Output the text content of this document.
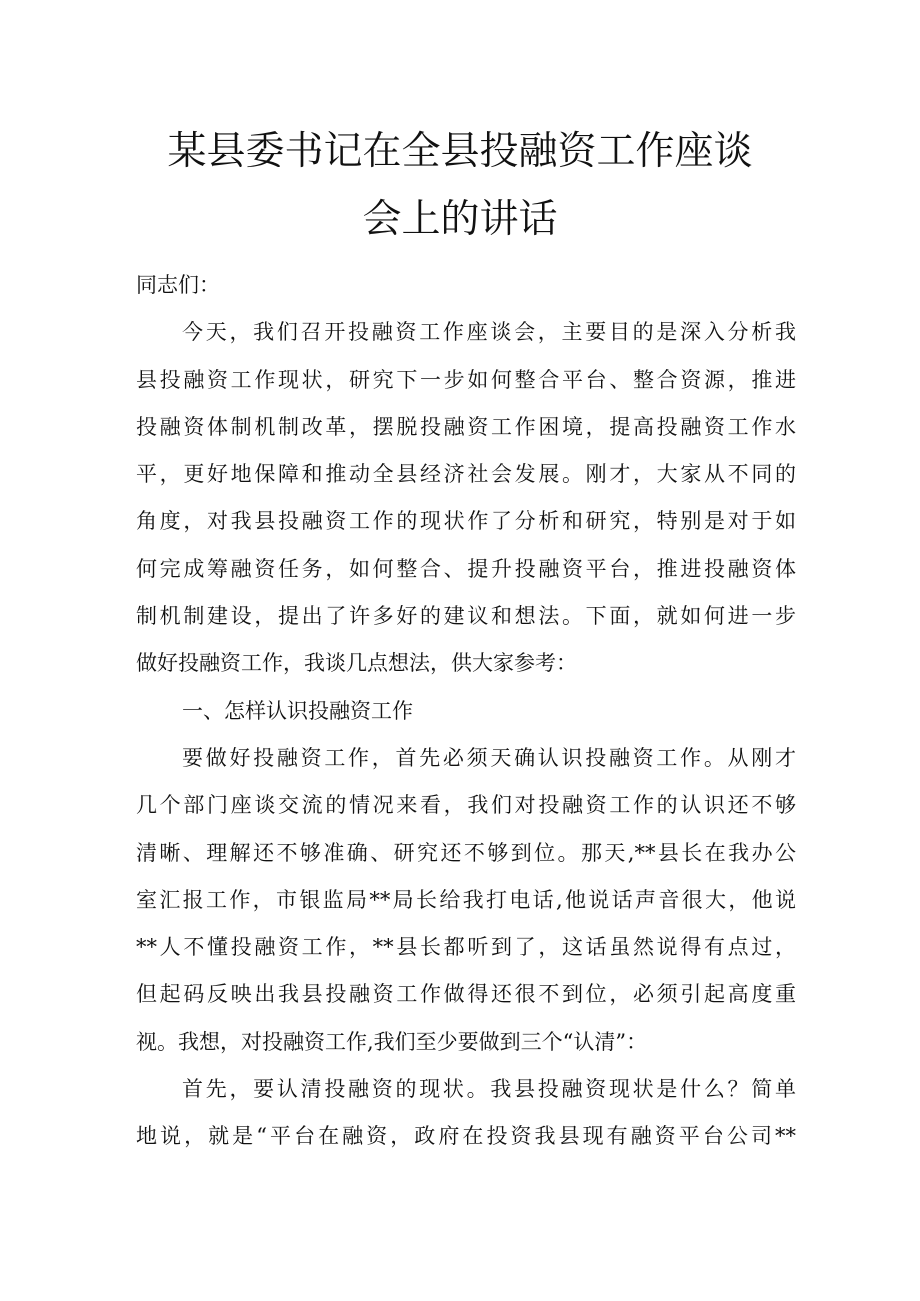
某县委书记在全县投融资工作座谈
会上的讲话
同志们：
今天，我们召开投融资工作座谈会，主要目的是深入分析我
县投融资工作现状，研究下一步如何整合平台、整合资源，推进
投融资体制机制改革，摆脱投融资工作困境，提高投融资工作水
平，更好地保障和推动全县经济社会发展。刚才，大家从不同的
角度，对我县投融资工作的现状作了分析和研究，特别是对于如
何完成筹融资任务，如何整合、提升投融资平台，推进投融资体
制机制建设，提出了许多好的建议和想法。下面，就如何进一步
做好投融资工作，我谈几点想法，供大家参考：
一、怎样认识投融资工作
要做好投融资工作，首先必须天确认识投融资工作。从刚才
几个部门座谈交流的情况来看，我们对投融资工作的认识还不够
清晰、理解还不够准确、研究还不够到位。那天,**县长在我办公
室汇报工作，市银监局**局长给我打电话,他说话声音很大，他说
**人不懂投融资工作，**县长都听到了，这话虽然说得有点过，
但起码反映出我县投融资工作做得还很不到位，必须引起高度重
视。我想，对投融资工作,我们至少要做到三个“认清”：
首先，要认清投融资的现状。我县投融资现状是什么？简单
地说，就是“平台在融资，政府在投资我县现有融资平台公司**
